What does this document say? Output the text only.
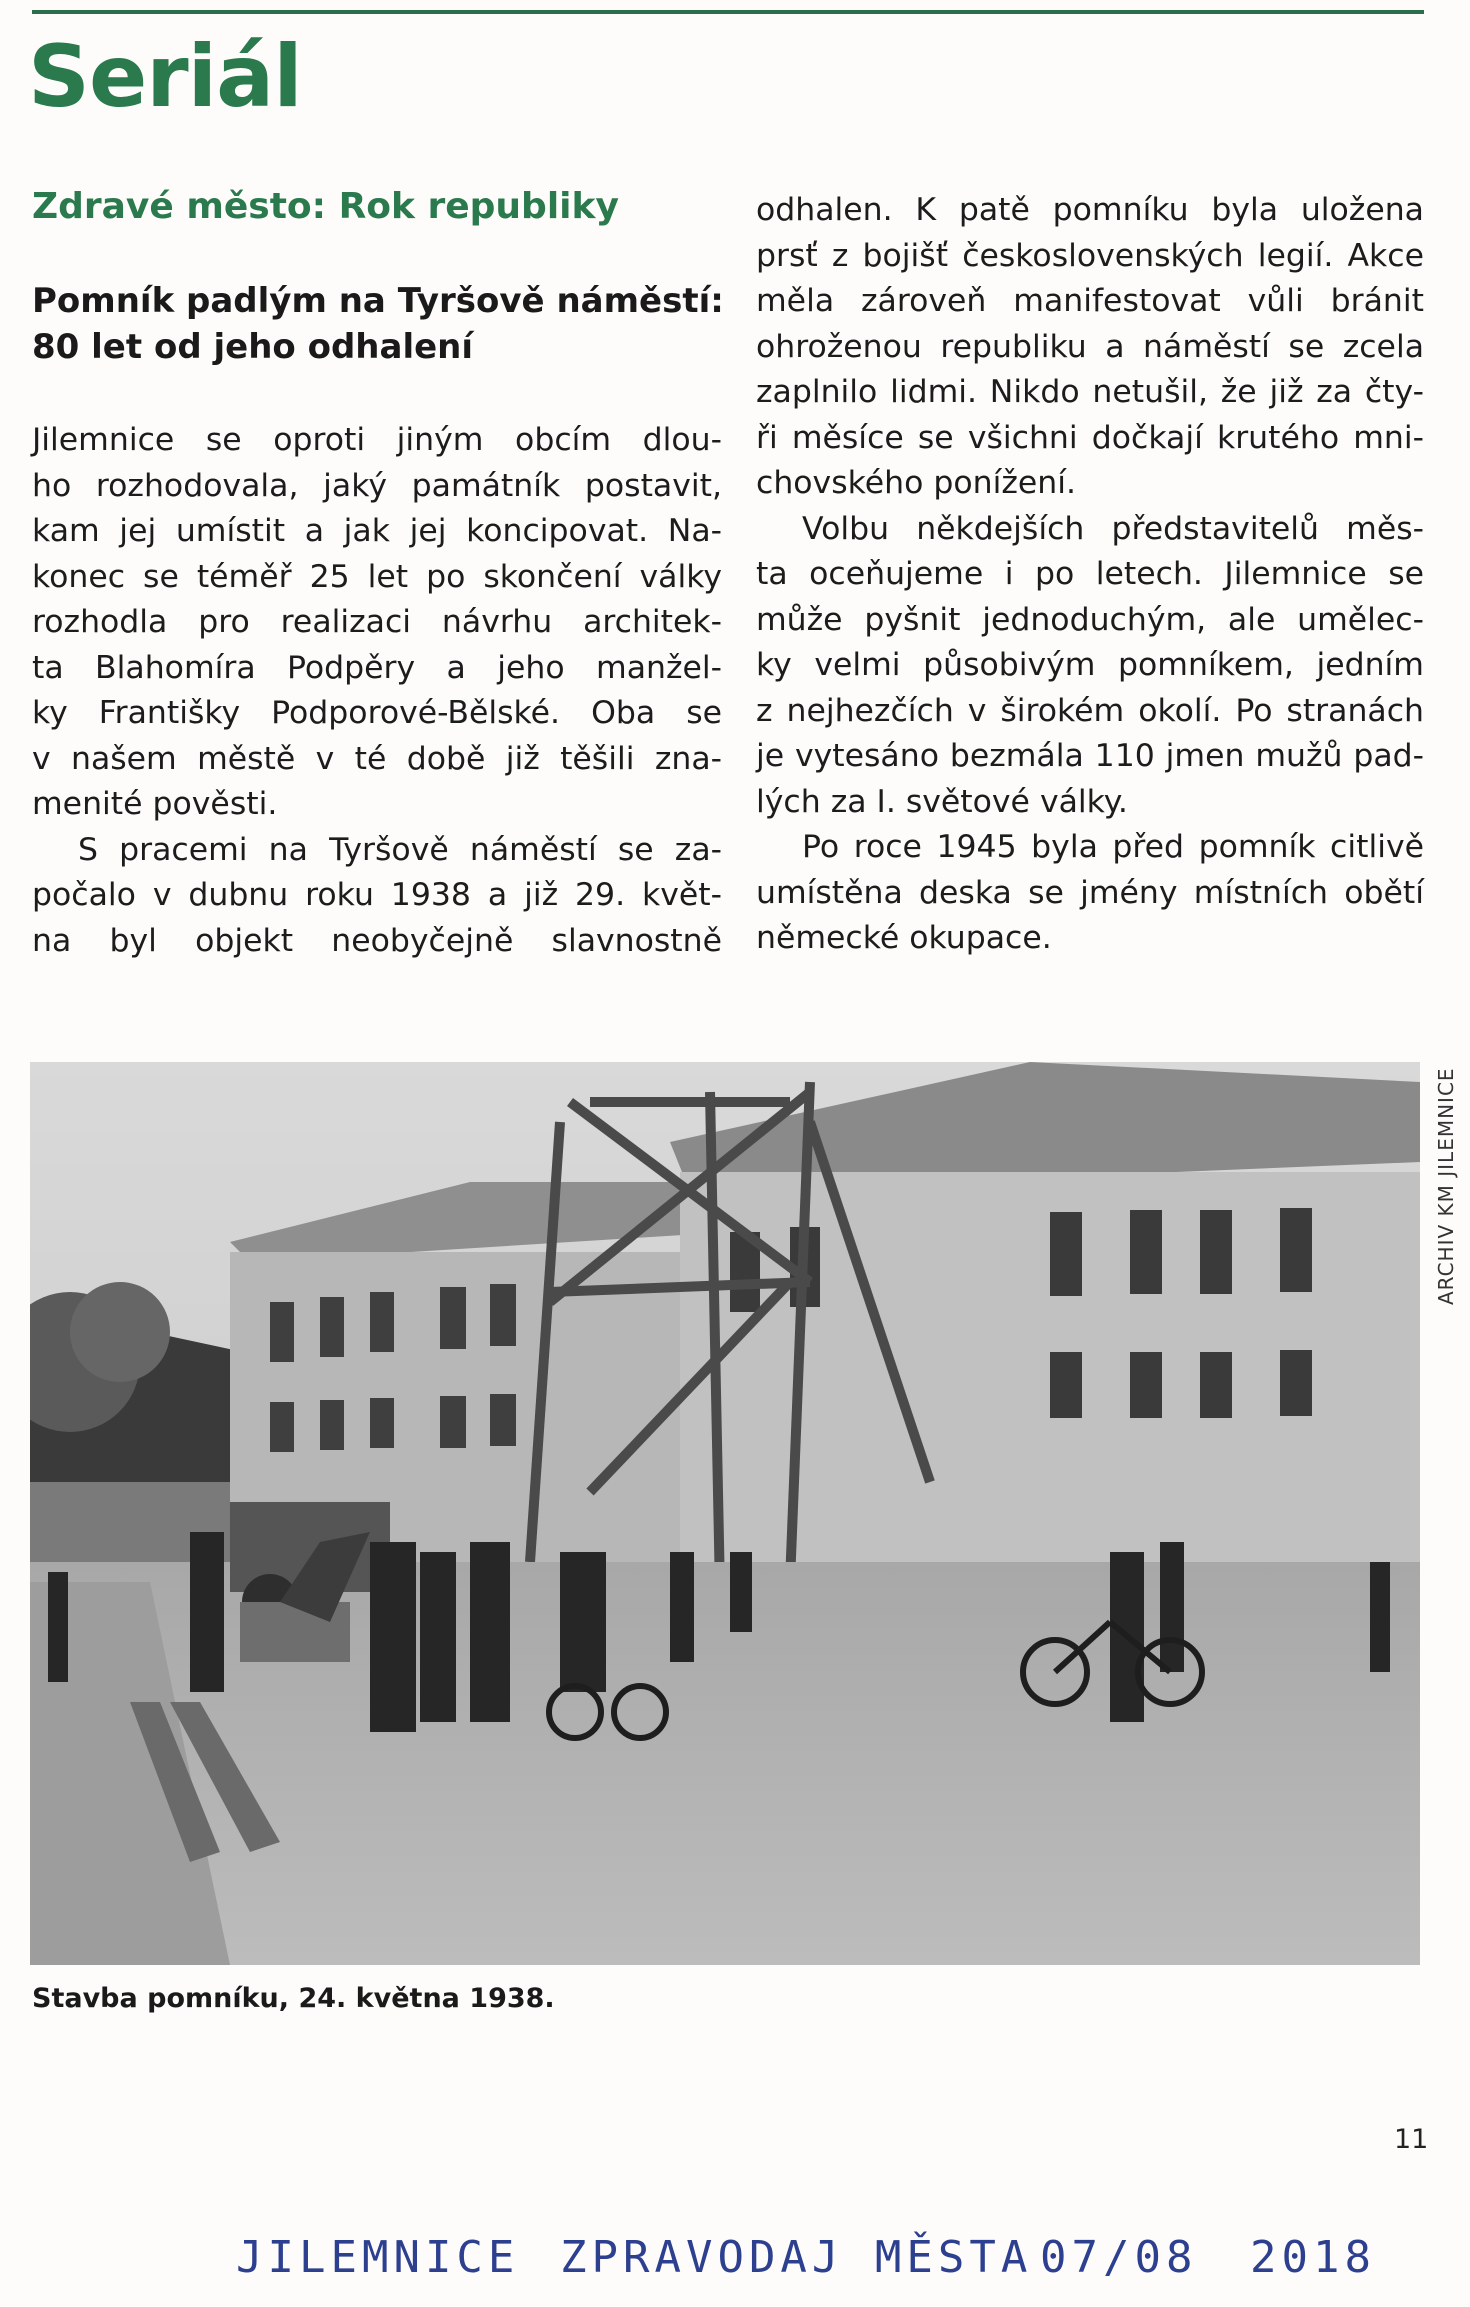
Seriál
Zdravé město: Rok republiky
Pomník padlým na Tyršově náměstí:
80 let od jeho odhalení
Jilemnice se oproti jiným obcím dlou-
ho rozhodovala, jaký památník postavit,
kam jej umístit a jak jej koncipovat. Na-
konec se téměř 25 let po skončení války
rozhodla pro realizaci návrhu architek-
ta Blahomíra Podpěry a jeho manžel-
ky Františky Podporové-Bělské. Oba se
v našem městě v té době již těšili zna-
menité pověsti.
S pracemi na Tyršově náměstí se za-
počalo v dubnu roku 1938 a již 29. květ-
na byl objekt neobyčejně slavnostně
odhalen. K patě pomníku byla uložena
prsť z bojišť československých legií. Akce
měla zároveň manifestovat vůli bránit
ohroženou republiku a náměstí se zcela
zaplnilo lidmi. Nikdo netušil, že již za čty-
ři měsíce se všichni dočkají krutého mni-
chovského ponížení.
Volbu někdejších představitelů měs-
ta oceňujeme i po letech. Jilemnice se
může pyšnit jednoduchým, ale umělec-
ky velmi působivým pomníkem, jedním
z nejhezčích v širokém okolí. Po stranách
je vytesáno bezmála 110 jmen mužů pad-
lých za I. světové války.
Po roce 1945 byla před pomník citlivě
umístěna deska se jmény místních obětí
německé okupace.
ARCHIV KM JILEMNICE
Stavba pomníku, 24. května 1938.
11
JILEMNICE ZPRAVODAJ MĚSTA 07/08 2018
